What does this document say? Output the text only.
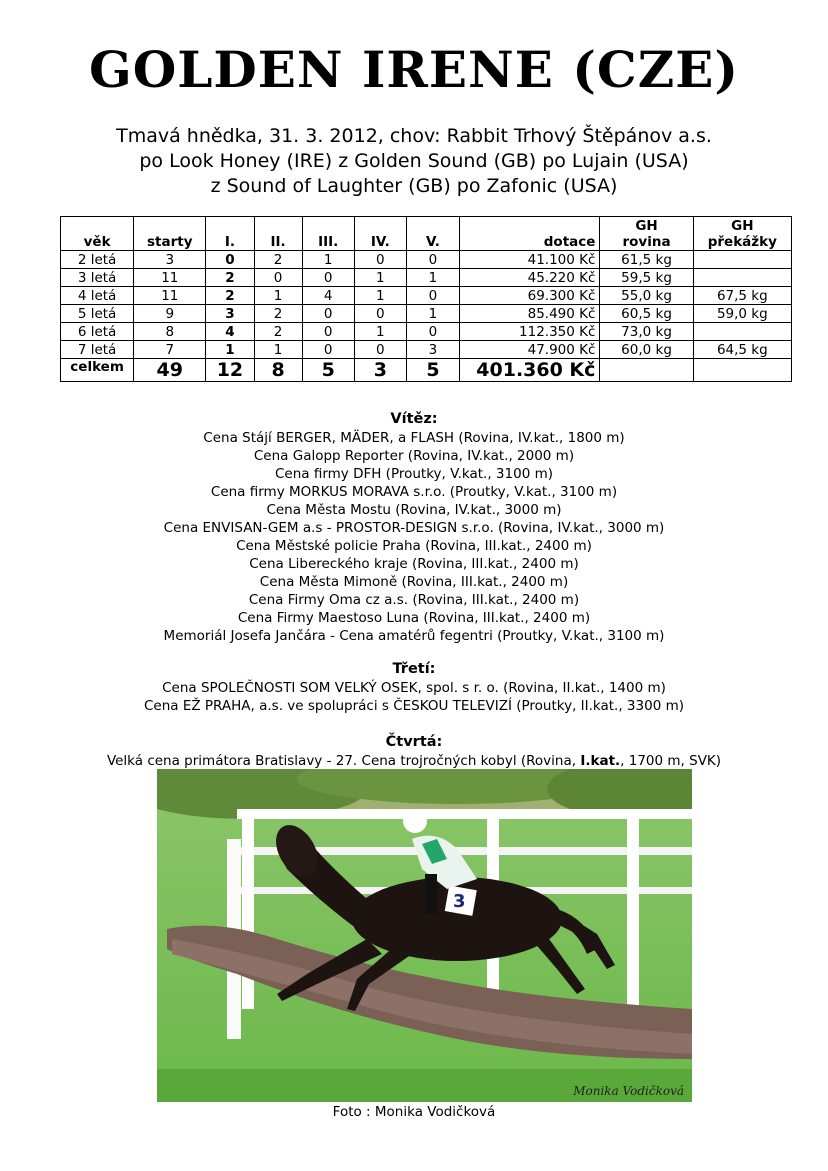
GOLDEN IRENE (CZE)
Tmavá hnědka, 31. 3. 2012, chov: Rabbit Trhový Štěpánov a.s.
po Look Honey (IRE) z Golden Sound (GB) po Lujain (USA)
z Sound of Laughter (GB) po Zafonic (USA)
věk	starty	I.	II.	III.	IV.	V.	dotace	GH rovina	GH překážky
2 letá	3	0	2	1	0	0	41.100 Kč	61,5 kg	
3 letá	11	2	0	0	1	1	45.220 Kč	59,5 kg	
4 letá	11	2	1	4	1	0	69.300 Kč	55,0 kg	67,5 kg
5 letá	9	3	2	0	0	1	85.490 Kč	60,5 kg	59,0 kg
6 letá	8	4	2	0	1	0	112.350 Kč	73,0 kg	
7 letá	7	1	1	0	0	3	47.900 Kč	60,0 kg	64,5 kg
celkem	49	12	8	5	3	5	401.360 Kč		
Vítěz:
Cena Stájí BERGER, MÄDER, a FLASH (Rovina, IV.kat., 1800 m)
Cena Galopp Reporter (Rovina, IV.kat., 2000 m)
Cena firmy DFH (Proutky, V.kat., 3100 m)
Cena firmy MORKUS MORAVA s.r.o. (Proutky, V.kat., 3100 m)
Cena Města Mostu (Rovina, IV.kat., 3000 m)
Cena ENVISAN-GEM a.s - PROSTOR-DESIGN s.r.o. (Rovina, IV.kat., 3000 m)
Cena Městské policie Praha (Rovina, III.kat., 2400 m)
Cena Libereckého kraje (Rovina, III.kat., 2400 m)
Cena Města Mimoně (Rovina, III.kat., 2400 m)
Cena Firmy Oma cz a.s. (Rovina, III.kat., 2400 m)
Cena Firmy Maestoso Luna (Rovina, III.kat., 2400 m)
Memoriál Josefa Jančára - Cena amatérů fegentri (Proutky, V.kat., 3100 m)
Třetí:
Cena SPOLEČNOSTI SOM VELKÝ OSEK, spol. s r. o. (Rovina, II.kat., 1400 m)
Cena EŽ PRAHA, a.s. ve spolupráci s ČESKOU TELEVIZÍ (Proutky, II.kat., 3300 m)
Čtvrtá:
Velká cena primátora Bratislavy - 27. Cena trojročných kobyl (Rovina, I.kat., 1700 m, SVK)
3
Monika Vodičková
Foto : Monika Vodičková
